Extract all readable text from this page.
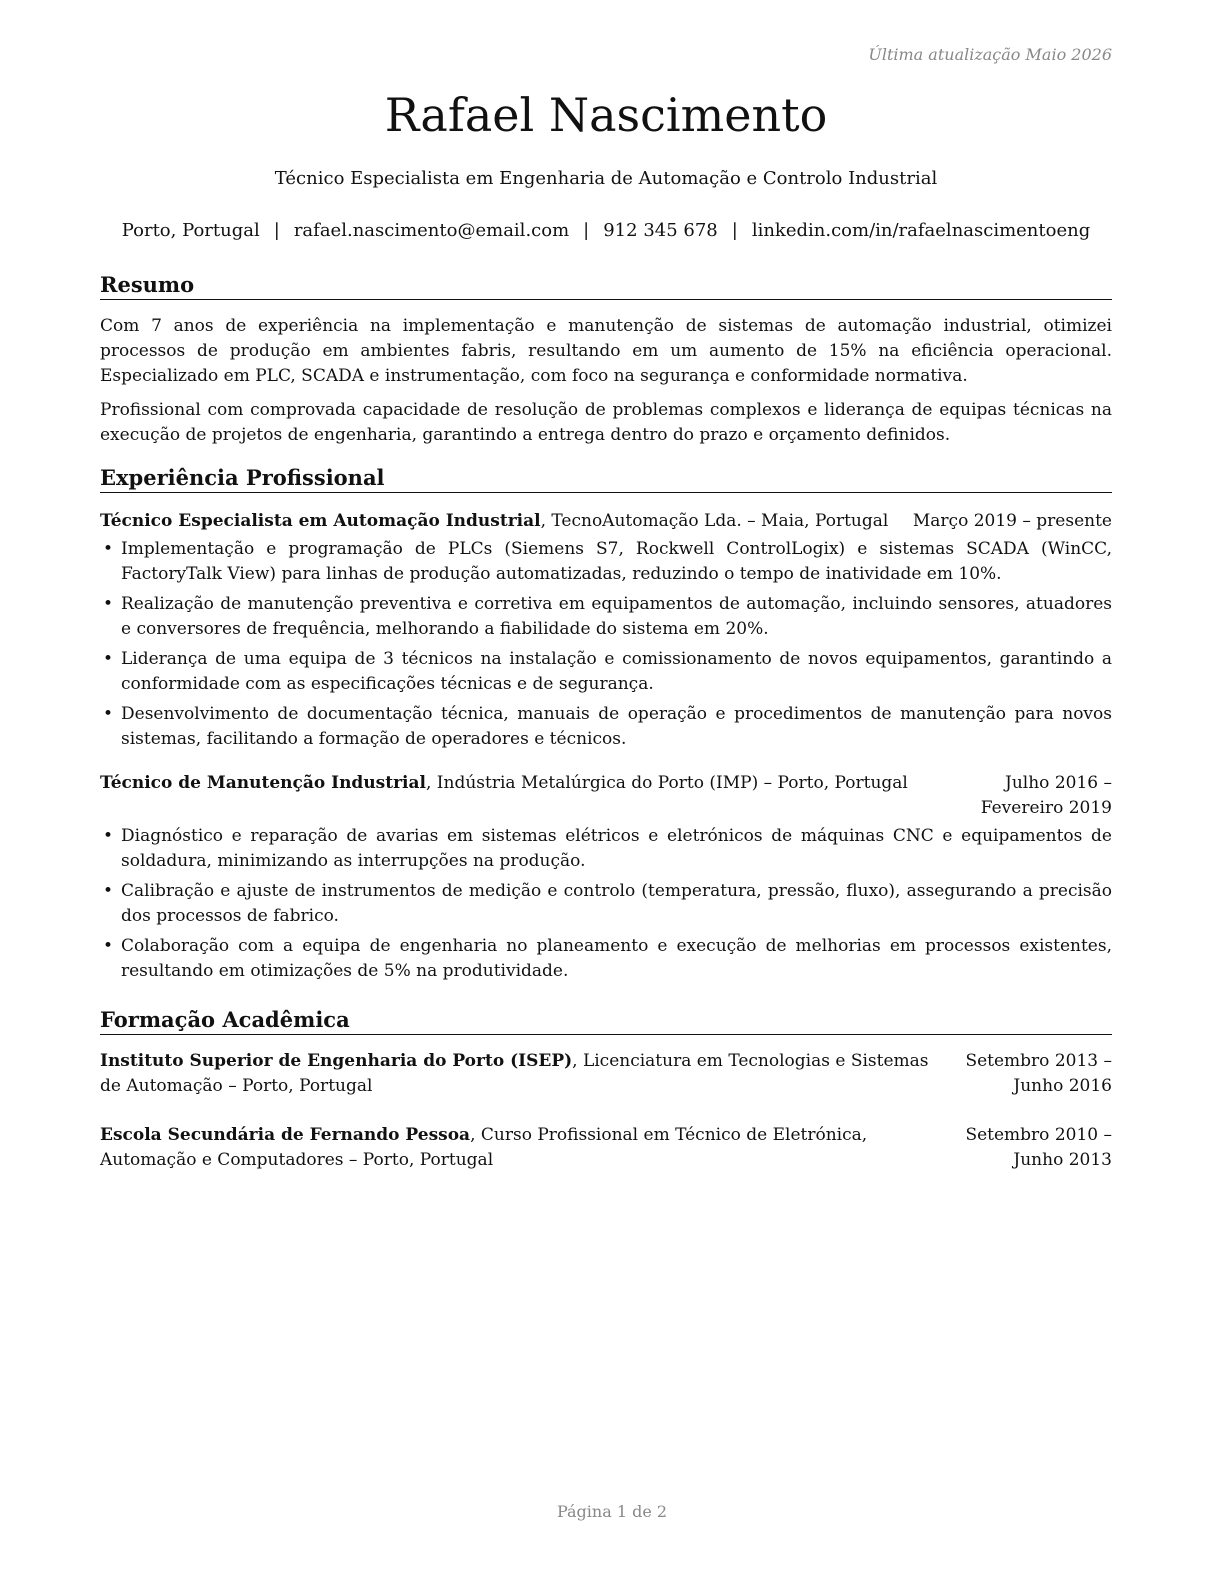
Última atualização Maio 2026
Rafael Nascimento
Técnico Especialista em Engenharia de Automação e Controlo Industrial
Porto, Portugal | rafael.nascimento@email.com | 912 345 678 | linkedin.com/in/rafaelnascimentoeng
Resumo

Com 7 anos de experiência na implementação e manutenção de sistemas de automação industrial, otimizei processos de produção em ambientes fabris, resultando em um aumento de 15% na eficiência operacional. Especializado em PLC, SCADA e instrumentação, com foco na segurança e conformidade normativa.

Profissional com comprovada capacidade de resolução de problemas complexos e liderança de equipas técnicas na execução de projetos de engenharia, garantindo a entrega dentro do prazo e orçamento definidos.

Experiência Profissional
Técnico Especialista em Automação Industrial, TecnoAutomação Lda. – Maia, Portugal	Março 2019 – presente
• Implementação e programação de PLCs (Siemens S7, Rockwell ControlLogix) e sistemas SCADA (WinCC, FactoryTalk View) para linhas de produção automatizadas, reduzindo o tempo de inatividade em 10%.
• Realização de manutenção preventiva e corretiva em equipamentos de automação, incluindo sensores, atuadores e conversores de frequência, melhorando a fiabilidade do sistema em 20%.
• Liderança de uma equipa de 3 técnicos na instalação e comissionamento de novos equipamentos, garantindo a conformidade com as especificações técnicas e de segurança.
• Desenvolvimento de documentação técnica, manuais de operação e procedimentos de manutenção para novos sistemas, facilitando a formação de operadores e técnicos.
Técnico de Manutenção Industrial, Indústria Metalúrgica do Porto (IMP) – Porto, Portugal	Julho 2016 – Fevereiro 2019
• Diagnóstico e reparação de avarias em sistemas elétricos e eletrónicos de máquinas CNC e equipamentos de soldadura, minimizando as interrupções na produção.
• Calibração e ajuste de instrumentos de medição e controlo (temperatura, pressão, fluxo), assegurando a precisão dos processos de fabrico.
• Colaboração com a equipa de engenharia no planeamento e execução de melhorias em processos existentes, resultando em otimizações de 5% na produtividade.
Formação Acadêmica
Instituto Superior de Engenharia do Porto (ISEP), Licenciatura em Tecnologias e Sistemas de Automação – Porto, Portugal
Setembro 2013 – Junho 2016
Escola Secundária de Fernando Pessoa, Curso Profissional em Técnico de Eletrónica, Automação e Computadores – Porto, Portugal
Setembro 2010 – Junho 2013
Página 1 de 2
